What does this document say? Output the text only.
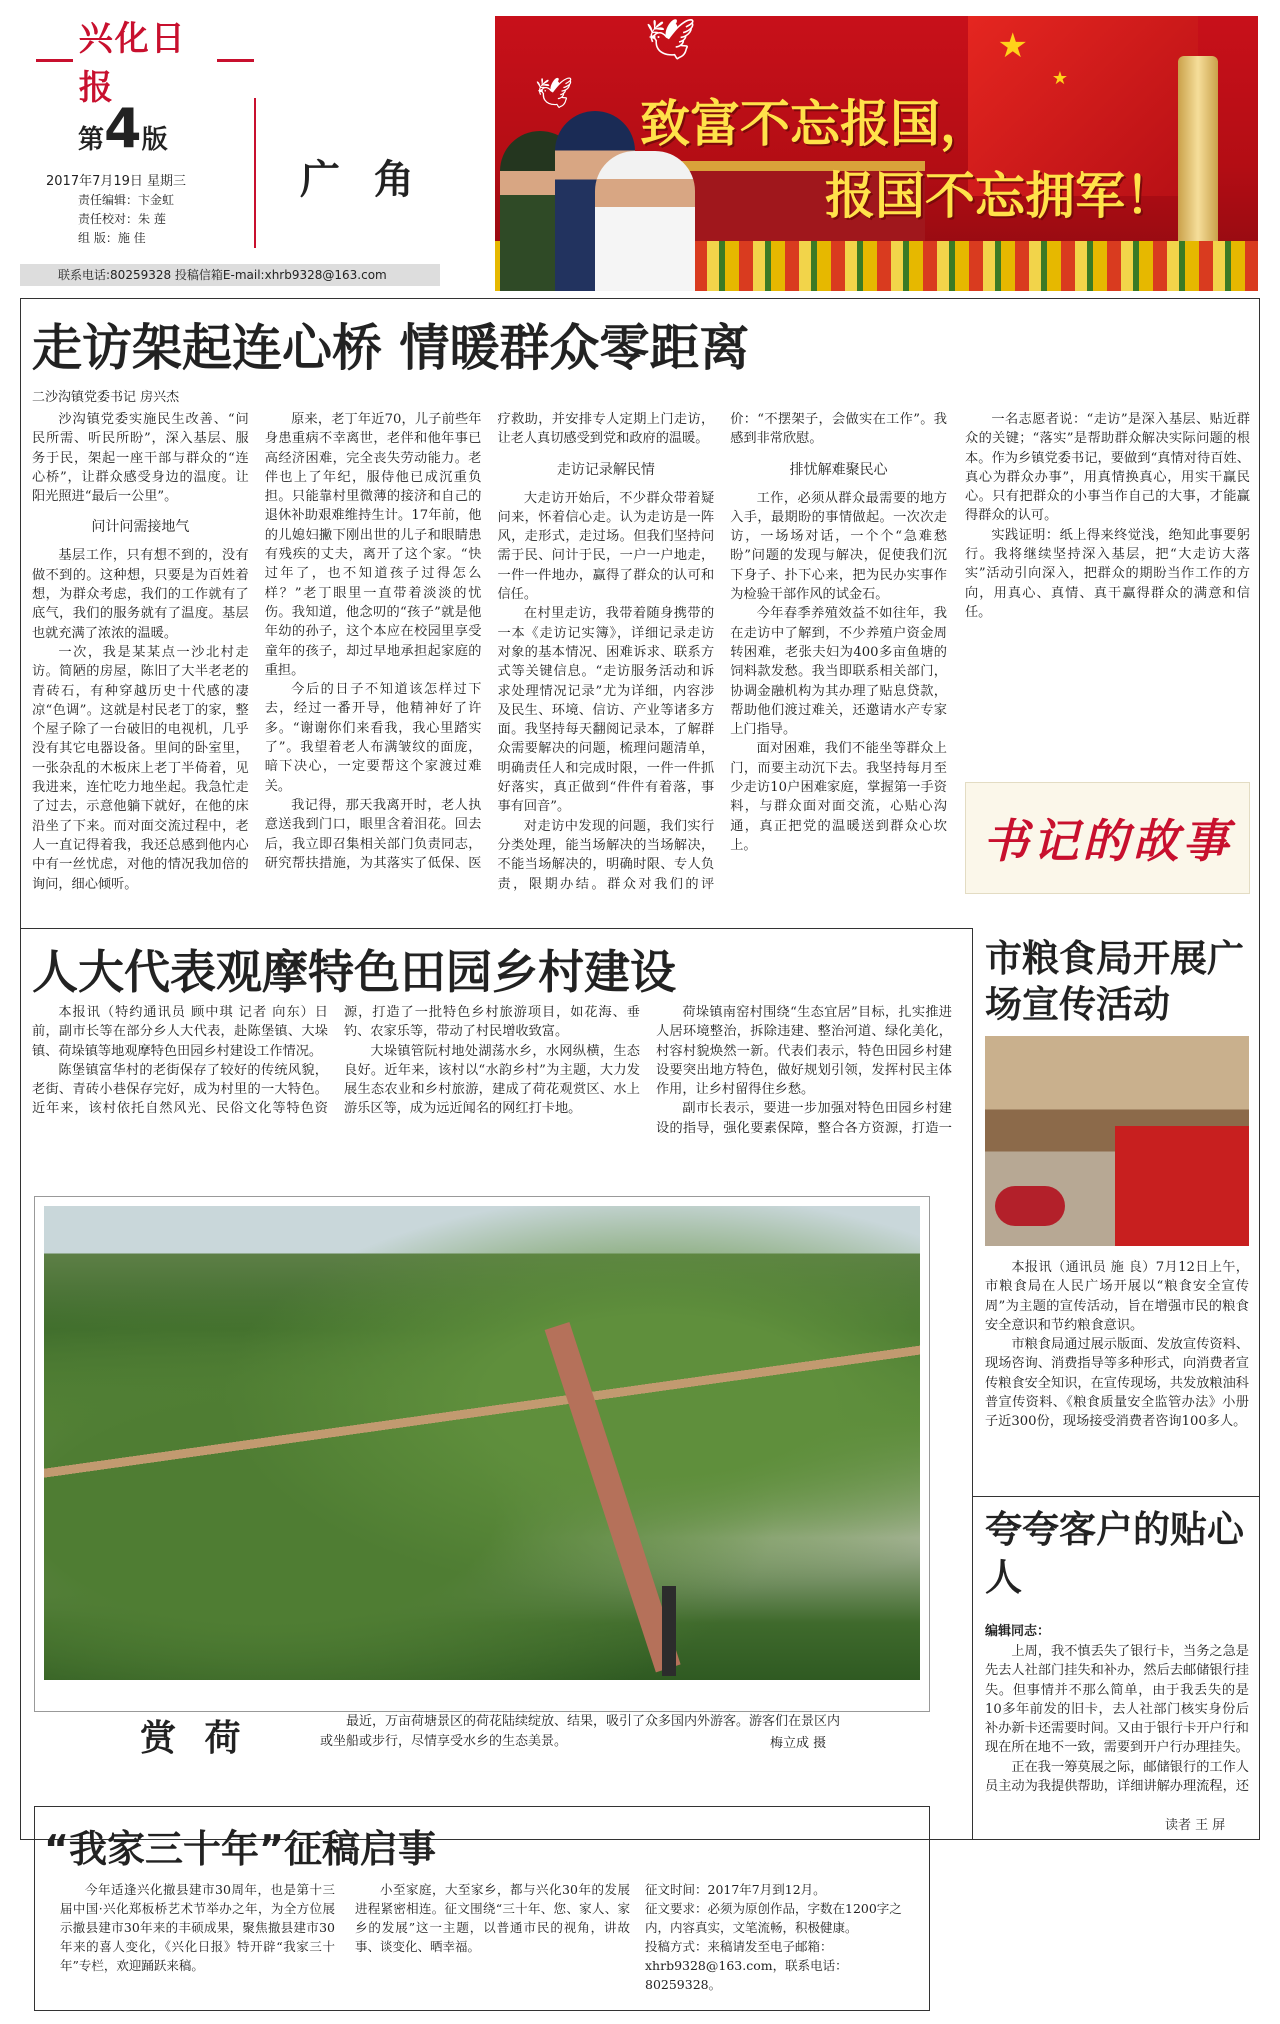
兴化日报
第 4 版
2017年7月19日 星期三
责任编辑：卞金虹
责任校对：朱 莲
组 版：施 佳
广 角
联系电话:80259328 投稿信箱E-mail:xhrb9328@163.com
★
★
🕊
🕊
致富不忘报国，
报国不忘拥军！
走访架起连心桥 情暖群众零距离
二沙沟镇党委书记 房兴杰

沙沟镇党委实施民生改善、“问民所需、听民所盼”，深入基层、服务于民，架起一座干部与群众的“连心桥”，让群众感受身边的温度。让阳光照进“最后一公里”。

问计问需接地气

基层工作，只有想不到的，没有做不到的。这种想，只要是为百姓着想，为群众考虑，我们的工作就有了底气，我们的服务就有了温度。基层也就充满了浓浓的温暖。

一次，我是某某点一沙北村走访。简陋的房屋，陈旧了大半老老的青砖石，有种穿越历史十代感的凄凉“色调”。这就是村民老丁的家，整个屋子除了一台破旧的电视机，几乎没有其它电器设备。里间的卧室里，一张杂乱的木板床上老丁半倚着，见我进来，连忙吃力地坐起。我急忙走了过去，示意他躺下就好，在他的床沿坐了下来。而对面交流过程中，老人一直记得着我，我还总感到他内心中有一丝忧虑，对他的情况我加倍的询问，细心倾听。

原来，老丁年近70，儿子前些年身患重病不幸离世，老伴和他年事已高经济困难，完全丧失劳动能力。老伴也上了年纪，服侍他已成沉重负担。只能靠村里微薄的接济和自己的退休补助艰难维持生计。17年前，他的儿媳妇撇下刚出世的儿子和眼睛患有残疾的丈夫，离开了这个家。“快过年了，也不知道孩子过得怎么样？”老丁眼里一直带着淡淡的忧伤。我知道，他念叨的“孩子”就是他年幼的孙子，这个本应在校园里享受童年的孩子，却过早地承担起家庭的重担。

今后的日子不知道该怎样过下去，经过一番开导，他精神好了许多。“谢谢你们来看我，我心里踏实了”。我望着老人布满皱纹的面庞，暗下决心，一定要帮这个家渡过难关。

我记得，那天我离开时，老人执意送我到门口，眼里含着泪花。回去后，我立即召集相关部门负责同志，研究帮扶措施，为其落实了低保、医疗救助，并安排专人定期上门走访，让老人真切感受到党和政府的温暖。

走访记录解民情

大走访开始后，不少群众带着疑问来，怀着信心走。认为走访是一阵风，走形式，走过场。但我们坚持问需于民、问计于民，一户一户地走，一件一件地办，赢得了群众的认可和信任。

在村里走访，我带着随身携带的一本《走访记实簿》，详细记录走访对象的基本情况、困难诉求、联系方式等关键信息。“走访服务活动和诉求处理情况记录”尤为详细，内容涉及民生、环境、信访、产业等诸多方面。我坚持每天翻阅记录本，了解群众需要解决的问题，梳理问题清单，明确责任人和完成时限，一件一件抓好落实，真正做到“件件有着落，事事有回音”。

对走访中发现的问题，我们实行分类处理，能当场解决的当场解决，不能当场解决的，明确时限、专人负责，限期办结。群众对我们的评价：“不摆架子，会做实在工作”。我感到非常欣慰。

排忧解难聚民心

工作，必须从群众最需要的地方入手，最期盼的事情做起。一次次走访，一场场对话，一个个“急难愁盼”问题的发现与解决，促使我们沉下身子、扑下心来，把为民办实事作为检验干部作风的试金石。

今年春季养殖效益不如往年，我在走访中了解到，不少养殖户资金周转困难，老张夫妇为400多亩鱼塘的饲料款发愁。我当即联系相关部门，协调金融机构为其办理了贴息贷款，帮助他们渡过难关，还邀请水产专家上门指导。

面对困难，我们不能坐等群众上门，而要主动沉下去。我坚持每月至少走访10户困难家庭，掌握第一手资料，与群众面对面交流，心贴心沟通，真正把党的温暖送到群众心坎上。

一名志愿者说：“走访”是深入基层、贴近群众的关键；“落实”是帮助群众解决实际问题的根本。作为乡镇党委书记，要做到“真情对待百姓、真心为群众办事”，用真情换真心，用实干赢民心。只有把群众的小事当作自己的大事，才能赢得群众的认可。

实践证明：纸上得来终觉浅，绝知此事要躬行。我将继续坚持深入基层，把“大走访大落实”活动引向深入，把群众的期盼当作工作的方向，用真心、真情、真干赢得群众的满意和信任。

书记的故事
人大代表观摩特色田园乡村建设

本报讯（特约通讯员 顾中琪 记者 向东）日前，副市长等在部分乡人大代表，赴陈堡镇、大垛镇、荷垛镇等地观摩特色田园乡村建设工作情况。

陈堡镇富华村的老街保存了较好的传统风貌，老街、青砖小巷保存完好，成为村里的一大特色。近年来，该村依托自然风光、民俗文化等特色资源，打造了一批特色乡村旅游项目，如花海、垂钓、农家乐等，带动了村民增收致富。

大垛镇管阮村地处湖荡水乡，水网纵横，生态良好。近年来，该村以“水韵乡村”为主题，大力发展生态农业和乡村旅游，建成了荷花观赏区、水上游乐区等，成为远近闻名的网红打卡地。

荷垛镇南窑村围绕“生态宜居”目标，扎实推进人居环境整治，拆除违建、整治河道、绿化美化，村容村貌焕然一新。代表们表示，特色田园乡村建设要突出地方特色，做好规划引领，发挥村民主体作用，让乡村留得住乡愁。

副市长表示，要进一步加强对特色田园乡村建设的指导，强化要素保障，整合各方资源，打造一

赏 荷	最近，万亩荷塘景区的荷花陆续绽放、结果，吸引了众多国内外游客。游客们在景区内或坐船或步行，尽情享受水乡的生态美景。	梅立成 摄
市粮食局开展广场宣传活动

本报讯（通讯员 施 良）7月12日上午，市粮食局在人民广场开展以“粮食安全宣传周”为主题的宣传活动，旨在增强市民的粮食安全意识和节约粮食意识。

市粮食局通过展示版面、发放宣传资料、现场咨询、消费指导等多种形式，向消费者宣传粮食安全知识，在宣传现场，共发放粮油科普宣传资料、《粮食质量安全监管办法》小册子近300份，现场接受消费者咨询100多人。

夸夸客户的贴心人
编辑同志：

上周，我不慎丢失了银行卡，当务之急是先去人社部门挂失和补办，然后去邮储银行挂失。但事情并不那么简单，由于我丢失的是10多年前发的旧卡，去人社部门核实身份后补办新卡还需要时间。又由于银行卡开户行和现在所在地不一致，需要到开户行办理挂失。

正在我一筹莫展之际，邮储银行的工作人员主动为我提供帮助，详细讲解办理流程，还

读者 王 屏
“我家三十年”征稿启事

今年适逢兴化撤县建市30周年，也是第十三届中国·兴化郑板桥艺术节举办之年，为全方位展示撤县建市30年来的丰硕成果，聚焦撤县建市30年来的喜人变化，《兴化日报》特开辟“我家三十年”专栏，欢迎踊跃来稿。

小至家庭，大至家乡，都与兴化30年的发展进程紧密相连。征文围绕“三十年、您、家人、家乡的发展”这一主题，以普通市民的视角，讲故事、谈变化、晒幸福。

征文时间：2017年7月到12月。
征文要求：必须为原创作品，字数在1200字之内，内容真实，文笔流畅，积极健康。
投稿方式：来稿请发至电子邮箱：xhrb9328@163.com，联系电话：80259328。
